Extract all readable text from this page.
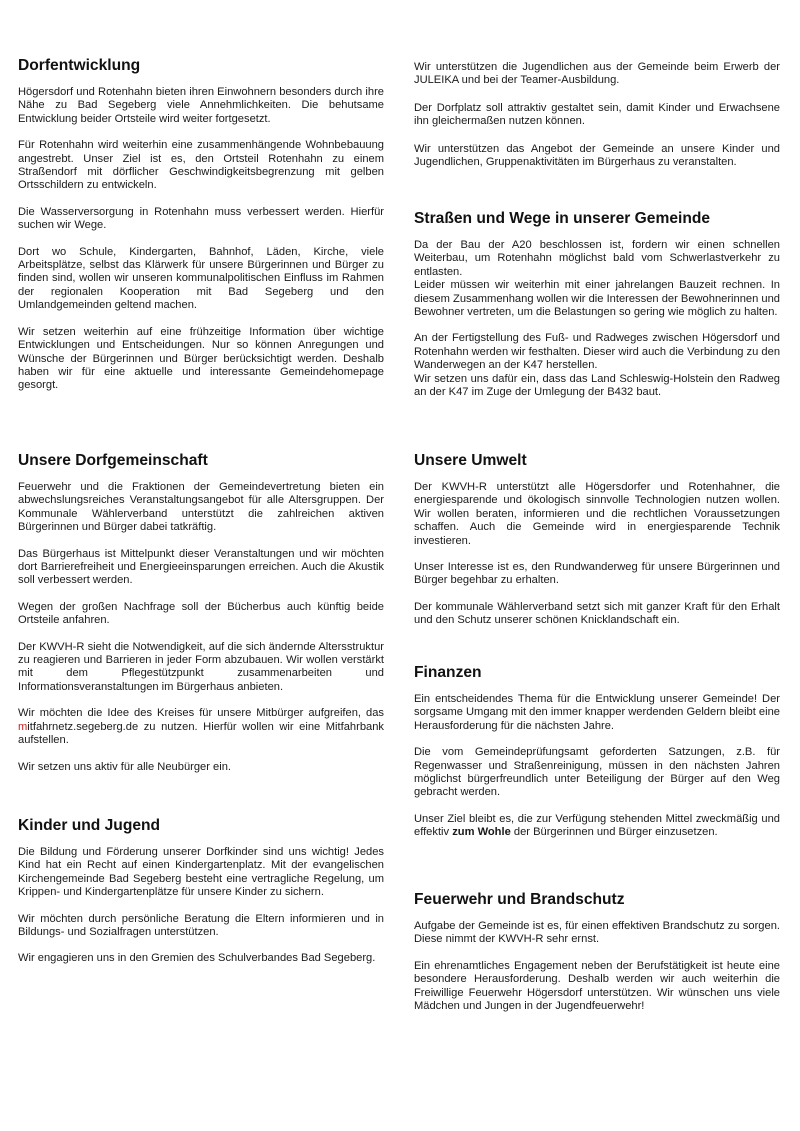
Dorfentwicklung

Högersdorf und Rotenhahn bieten ihren Einwohnern besonders durch ihre Nähe zu Bad Segeberg viele Annehmlichkeiten. Die behutsame Entwicklung beider Ortsteile wird weiter fortgesetzt.

Für Rotenhahn wird weiterhin eine zusammenhängende Wohnbebauung angestrebt. Unser Ziel ist es, den Ortsteil Rotenhahn zu einem Straßendorf mit dörflicher Geschwindigkeitsbegrenzung mit gelben Ortsschildern zu entwickeln.

Die Wasserversorgung in Rotenhahn muss verbessert werden. Hierfür suchen wir Wege.

Dort wo Schule, Kindergarten, Bahnhof, Läden, Kirche, viele Arbeitsplätze, selbst das Klärwerk für unsere Bürgerinnen und Bürger zu finden sind, wollen wir unseren kommunalpolitischen Einfluss im Rahmen der regionalen Kooperation mit Bad Segeberg und den Umlandgemeinden geltend machen.

Wir setzen weiterhin auf eine frühzeitige Information über wichtige Entwicklungen und Entscheidungen. Nur so können Anregungen und Wünsche der Bürgerinnen und Bürger berücksichtigt werden. Deshalb haben wir für eine aktuelle und interessante Gemeindehomepage gesorgt.

Unsere Dorfgemeinschaft

Feuerwehr und die Fraktionen der Gemeindevertretung bieten ein abwechslungsreiches Veranstaltungsangebot für alle Altersgruppen. Der Kommunale Wählerverband unterstützt die zahlreichen aktiven Bürgerinnen und Bürger dabei tatkräftig.

Das Bürgerhaus ist Mittelpunkt dieser Veranstaltungen und wir möchten dort Barrierefreiheit und Energieeinsparungen erreichen. Auch die Akustik soll verbessert werden.

Wegen der großen Nachfrage soll der Bücherbus auch künftig beide Ortsteile anfahren.

Der KWVH-R sieht die Notwendigkeit, auf die sich ändernde Altersstruktur zu reagieren und Barrieren in jeder Form abzubauen. Wir wollen verstärkt mit dem Pflegestützpunkt zusammenarbeiten und Informationsveranstaltungen im Bürgerhaus anbieten.

Wir möchten die Idee des Kreises für unsere Mitbürger aufgreifen, das mitfahrnetz.segeberg.de zu nutzen. Hierfür wollen wir eine Mitfahrbank aufstellen.

Wir setzen uns aktiv für alle Neubürger ein.

Kinder und Jugend

Die Bildung und Förderung unserer Dorfkinder sind uns wichtig! Jedes Kind hat ein Recht auf einen Kindergartenplatz. Mit der evangelischen Kirchengemeinde Bad Segeberg besteht eine vertragliche Regelung, um Krippen- und Kindergartenplätze für unsere Kinder zu sichern.

Wir möchten durch persönliche Beratung die Eltern informieren und in Bildungs- und Sozialfragen unterstützen.

Wir engagieren uns in den Gremien des Schulverbandes Bad Segeberg.

Wir unterstützen die Jugendlichen aus der Gemeinde beim Erwerb der JULEIKA und bei der Teamer-Ausbildung.

Der Dorfplatz soll attraktiv gestaltet sein, damit Kinder und Erwachsene ihn gleichermaßen nutzen können.

Wir unterstützen das Angebot der Gemeinde an unsere Kinder und Jugendlichen, Gruppenaktivitäten im Bürgerhaus zu veranstalten.

Straßen und Wege in unserer Gemeinde

Da der Bau der A20 beschlossen ist, fordern wir einen schnellen Weiterbau, um Rotenhahn möglichst bald vom Schwerlastverkehr zu entlasten.

Leider müssen wir weiterhin mit einer jahrelangen Bauzeit rechnen. In diesem Zusammenhang wollen wir die Interessen der Bewohnerinnen und Bewohner vertreten, um die Belastungen so gering wie möglich zu halten.

An der Fertigstellung des Fuß- und Radweges zwischen Högersdorf und Rotenhahn werden wir festhalten. Dieser wird auch die Verbindung zu den Wanderwegen an der K47 herstellen.

Wir setzen uns dafür ein, dass das Land Schleswig-Holstein den Radweg an der K47 im Zuge der Umlegung der B432 baut.

Unsere Umwelt

Der KWVH-R unterstützt alle Högersdorfer und Rotenhahner, die energiesparende und ökologisch sinnvolle Technologien nutzen wollen. Wir wollen beraten, informieren und die rechtlichen Voraussetzungen schaffen. Auch die Gemeinde wird in energiesparende Technik investieren.

Unser Interesse ist es, den Rundwanderweg für unsere Bürgerinnen und Bürger begehbar zu erhalten.

Der kommunale Wählerverband setzt sich mit ganzer Kraft für den Erhalt und den Schutz unserer schönen Knicklandschaft ein.

Finanzen

Ein entscheidendes Thema für die Entwicklung unserer Gemeinde! Der sorgsame Umgang mit den immer knapper werdenden Geldern bleibt eine Herausforderung für die nächsten Jahre.

Die vom Gemeindeprüfungsamt geforderten Satzungen, z.B. für Regenwasser und Straßenreinigung, müssen in den nächsten Jahren möglichst bürgerfreundlich unter Beteiligung der Bürger auf den Weg gebracht werden.

Unser Ziel bleibt es, die zur Verfügung stehenden Mittel zweckmäßig und effektiv zum Wohle der Bürgerinnen und Bürger einzusetzen.

Feuerwehr und Brandschutz

Aufgabe der Gemeinde ist es, für einen effektiven Brandschutz zu sorgen. Diese nimmt der KWVH-R sehr ernst.

Ein ehrenamtliches Engagement neben der Berufstätigkeit ist heute eine besondere Herausforderung. Deshalb werden wir auch weiterhin die Freiwillige Feuerwehr Högersdorf unterstützen. Wir wünschen uns viele Mädchen und Jungen in der Jugendfeuerwehr!
